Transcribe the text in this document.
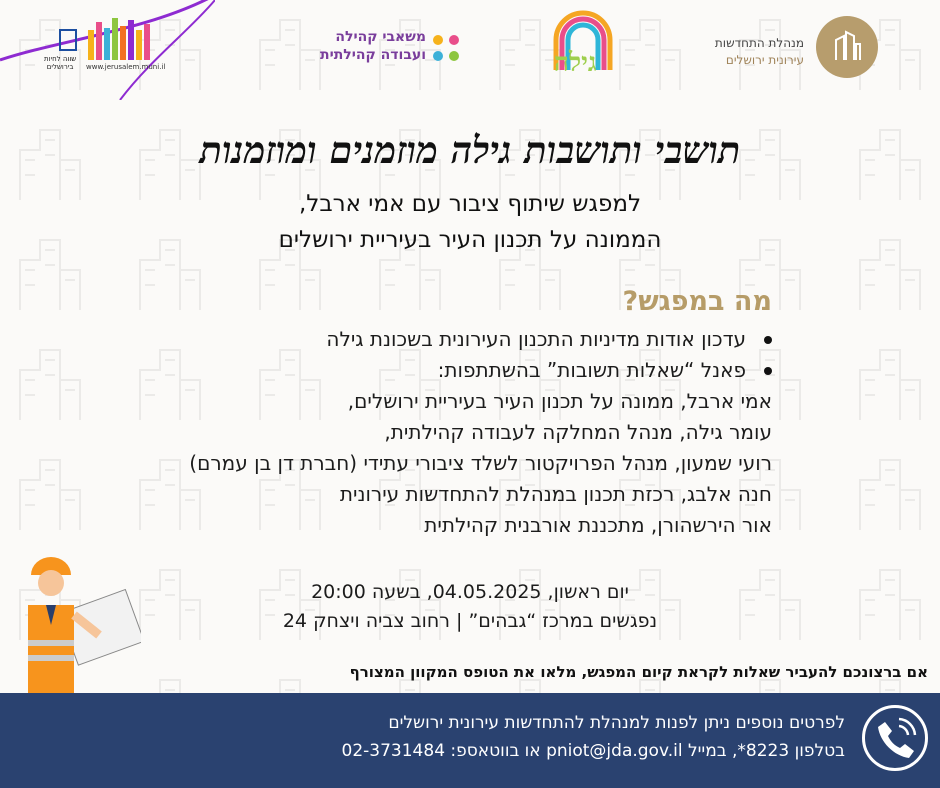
מנהלת התחדשות
עירונית ירושלים
גילה
משאבי קהילה
ועבודה קהילתית
שווה לחיות
בירושלים	www.jerusalem.muni.il
תושבי ותושבות גילה מוזמנים ומוזמנות
למפגש שיתוף ציבור עם אמי ארבל,
הממונה על תכנון העיר בעיריית ירושלים
מה במפגש?
עדכון אודות מדיניות התכנון העירונית בשכונת גילה
פאנל “שאלות תשובות” בהשתתפות:
אמי ארבל, ממונה על תכנון העיר בעיריית ירושלים,
עומר גילה, מנהל המחלקה לעבודה קהילתית,
רועי שמעון, מנהל הפרויקטור לשלד ציבורי עתידי (חברת דן בן עמרם)
חנה אלבג, רכזת תכנון במנהלת להתחדשות עירונית
אור הירשהורן, מתכננת אורבנית קהילתית
יום ראשון, 04.05.2025, בשעה 20:00
נפגשים במרכז “גבהים” | רחוב צביה ויצחק 24
אם ברצונכם להעביר שאלות לקראת קיום המפגש, מלאו את הטופס המקוון המצורף
לפרטים נוספים ניתן לפנות למנהלת להתחדשות עירונית ירושלים
בטלפון 8223*, במייל pniot@jda.gov.il או בווטאספ: 02-3731484
